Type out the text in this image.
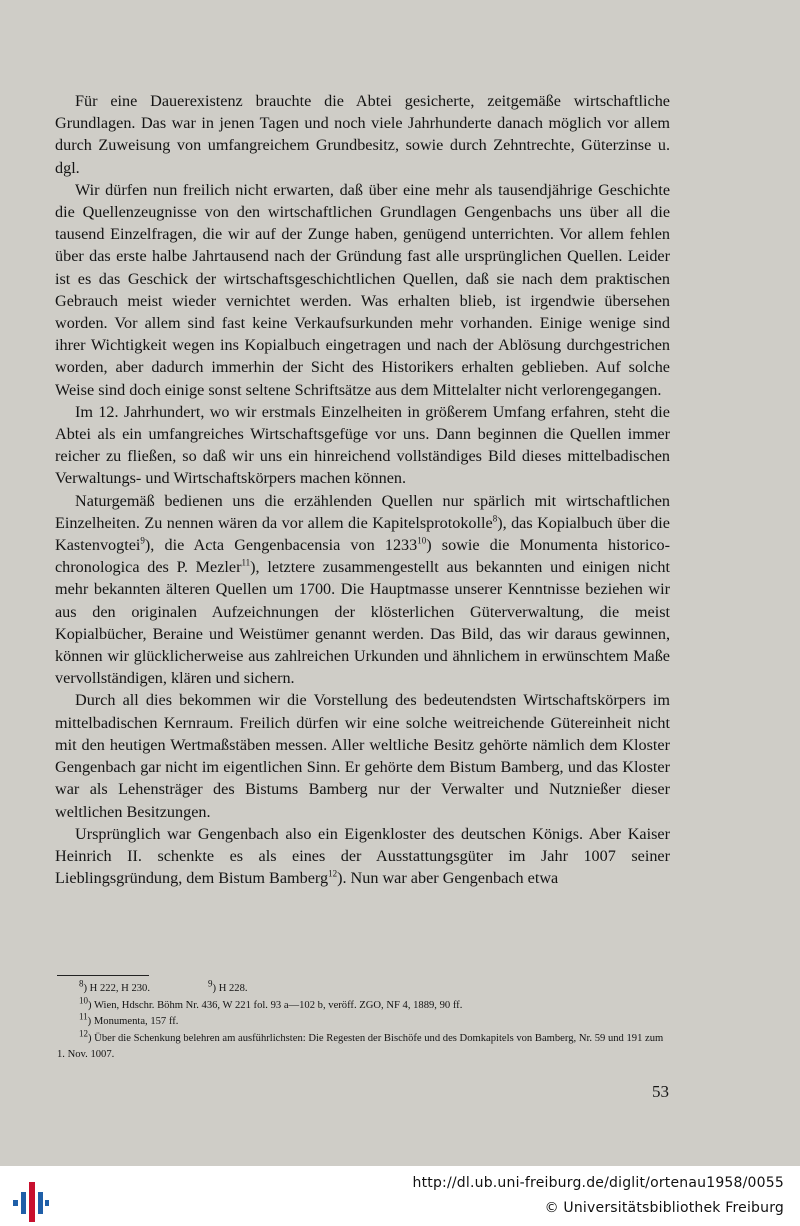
Für eine Dauerexistenz brauchte die Abtei gesicherte, zeitgemäße wirtschaftliche Grundlagen. Das war in jenen Tagen und noch viele Jahrhunderte danach möglich vor allem durch Zuweisung von umfangreichem Grundbesitz, sowie durch Zehntrechte, Güterzinse u. dgl.

Wir dürfen nun freilich nicht erwarten, daß über eine mehr als tausendjährige Geschichte die Quellenzeugnisse von den wirtschaftlichen Grundlagen Gengenbachs uns über all die tausend Einzelfragen, die wir auf der Zunge haben, genügend unterrichten. Vor allem fehlen über das erste halbe Jahrtausend nach der Gründung fast alle ursprünglichen Quellen. Leider ist es das Geschick der wirtschaftsgeschichtlichen Quellen, daß sie nach dem praktischen Gebrauch meist wieder vernichtet werden. Was erhalten blieb, ist irgendwie übersehen worden. Vor allem sind fast keine Verkaufsurkunden mehr vorhanden. Einige wenige sind ihrer Wichtigkeit wegen ins Kopialbuch eingetragen und nach der Ablösung durchgestrichen worden, aber dadurch immerhin der Sicht des Historikers erhalten geblieben. Auf solche Weise sind doch einige sonst seltene Schriftsätze aus dem Mittelalter nicht verlorengegangen.

Im 12. Jahrhundert, wo wir erstmals Einzelheiten in größerem Umfang erfahren, steht die Abtei als ein umfangreiches Wirtschaftsgefüge vor uns. Dann beginnen die Quellen immer reicher zu fließen, so daß wir uns ein hinreichend vollständiges Bild dieses mittelbadischen Verwaltungs- und Wirtschaftskörpers machen können.

Naturgemäß bedienen uns die erzählenden Quellen nur spärlich mit wirtschaftlichen Einzelheiten. Zu nennen wären da vor allem die Kapitelsprotokolle$^8$), das Kopialbuch über die Kastenvogtei$^9$), die Acta Gengenbacensia von 1233$^{10}$) sowie die Monumenta historico-chronologica des P. Mezler$^{11}$), letztere zusammengestellt aus bekannten und einigen nicht mehr bekannten älteren Quellen um 1700. Die Hauptmasse unserer Kenntnisse beziehen wir aus den originalen Aufzeichnungen der klösterlichen Güterverwaltung, die meist Kopialbücher, Beraine und Weistümer genannt werden. Das Bild, das wir daraus gewinnen, können wir glücklicherweise aus zahlreichen Urkunden und ähnlichem in erwünschtem Maße vervollständigen, klären und sichern.

Durch all dies bekommen wir die Vorstellung des bedeutendsten Wirtschaftskörpers im mittelbadischen Kernraum. Freilich dürfen wir eine solche weitreichende Gütereinheit nicht mit den heutigen Wertmaßstäben messen. Aller weltliche Besitz gehörte nämlich dem Kloster Gengenbach gar nicht im eigentlichen Sinn. Er gehörte dem Bistum Bamberg, und das Kloster war als Lehensträger des Bistums Bamberg nur der Verwalter und Nutznießer dieser weltlichen Besitzungen.

Ursprünglich war Gengenbach also ein Eigenkloster des deutschen Königs. Aber Kaiser Heinrich II. schenkte es als eines der Ausstattungsgüter im Jahr 1007 seiner Lieblingsgründung, dem Bistum Bamberg$^{12}$). Nun war aber Gengenbach etwa

$^8$) H 222, H 230.	$^9$) H 228.
$^{10}$) Wien, Hdschr. Böhm Nr. 436, W 221 fol. 93 a—102 b, veröff. ZGO, NF 4, 1889, 90 ff.
$^{11}$) Monumenta, 157 ff.
$^{12}$) Über die Schenkung belehren am ausführlichsten: Die Regesten der Bischöfe und des Domkapitels von Bamberg, Nr. 59 und 191 zum 1. Nov. 1007.
53
http://dl.ub.uni-freiburg.de/diglit/ortenau1958/0055
© Universitätsbibliothek Freiburg
